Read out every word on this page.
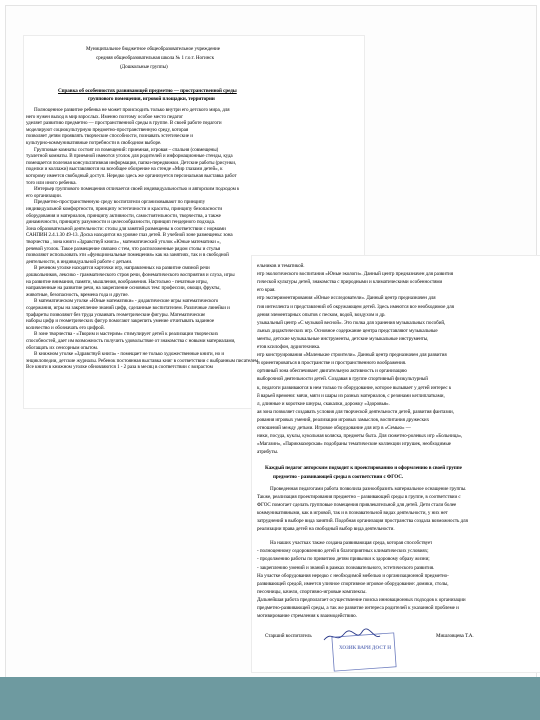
Муниципальное бюджетное общеобразовательное учреждение
средняя общеобразовательная школа № 1 г.о.т. Ногинск
(Дошкольные группы)
Справка об особенностях развивающей предметно — пространственной среды
группового помещения, игровой площадки, территории
Полноценное развитие ребенка не может происходить только внутри его детского мира, для
него нужен выход в мир взрослых. Именно поэтому особое место педагог
уделяет развитию предметно — пространственной среды в группе. В своей работе педагоги
моделируют социокультурную предметно-пространственную среду, которая
позволяет детям проявлять творческие способности, познавать эстетические и
культурно-коммуникативные потребности в свободном выборе.
Групповые комнаты состоят из помещений: приемная, игровая – спальня (совмещены)
туалетной комнаты. В приемной имеются уголок для родителей и информационные стенды, куда
помещается полезная консультативная информация, папки-передвижки. Детские работы (рисунки,
поделки и коллажи) выставляются на всеобщее обозрение на стенде «Мир глазами детей», к
которому имеется свободный доступ. Нередко здесь же организуется персональная выставка работ
того или иного ребенка.
Интерьер группового помещения отличается своей индивидуальностью и авторским подходом к
его организации.
Предметно-пространственную среду воспитатели организовывают по принципу
индивидуальной комфортности, принципу эстетичности и красоты, принципу безопасности
оборудования и материалов, принципу активности, самостоятельности, творчества, а также
динамичности, принципу разумности и целесообразности, принцип гендерного подхода.
Зона образовательной деятельности: столы для занятий размещены в соответствии с нормами
САНПИН 2.4.1.30 49-13. Доска находится на уровне глаз детей. В учебной зоне размещены: зона
творчества , зона книги «Здравствуй книга» , математический уголок «Юные математики »,
речевой уголок. Такое размещение связано с тем, что расположенные рядом столы и стулья
позволяют использовать эти «функциональные помещения» как на занятиях, так и в свободной
деятельности, в индивидуальной работе с детьми.
В речевом уголке находятся карточки игр, направленных на развитие связной речи
дошкольников, лексико - грамматического строя речи, фонематического восприятия и слуха, игры
на развитие внимания, памяти, мышления, воображения. Настольно - печатные игры,
направленные на развитие речи, на закрепление основных тем: профессии, овощи, фрукты,
животные, безопасность, времена года и другие.
В математическом уголке «Юные математики» - дидактические игры математического
содержания, игры на закрепление знаний цифр, сделанные воспитателем. Различные линейки и
трафареты позволяют без труда усваивать геометрические фигуры. Математические
наборы цифр и геометрических фигур помогают закрепить умение отчитывать заданное
количество и обозначать его цифрой.
В зоне творчества - «Творим и мастерим» стимулирует детей к реализации творческих
способностей, дает им возможность получить удовольствие от знакомства с новыми материалами,
обогащать их сенсорным опытом.
В книжном уголке «Здравствуй книга» - помещает не только художественные книги, но и
энциклопедии, детские журналы. Ребенок постоянная выставка книг в соответствии с выбранным писателем.
Все книги в книжном уголке обновляются 1 - 2 раза в месяц в соответствии с возрастом
ельников и тематикой.
нтр экологического воспитания «Юные экологи». Данный центр предназначен для развития
гической культуры детей, знакомства с природными и климатическими особенностями
его края.
нтр экспериментирования «Юные исследователи». Данный центр предназначен для
гия интеллекта и представлений об окружающем детей. Здесь имеются все необходимое для
дения элементарных опытов с песком, водой, воздухом и др.
узыкальный центр «С музыкой весной». Это полка для хранения музыкальных пособий,
льных дидактических игр. Основное содержание центра представляют музыкальные
менты, детские музыкальные инструменты, детские музыкальные инструменты,
етов ксилофон, аудиотехника.
нтр конструирования «Маленькие строители». Данный центр предназначен для развития
и ориентироваться в пространстве и пространственного воображения.
ортивный зона обеспечивает двигательную активность и организацию
выборочной деятельности детей. Создавая в группе спортивный физкультурный
к, педагоги развиваются в нем только то оборудование, которое вызывает у детей интерес к
й варьей времени: мячи, мяги и шары из разных материалов, с резинами кеглиплатками,
л, длинные и короткие шнуры, скакалки, дорожку «Здоровья».
ая зона позволяет создавать условия для творческой деятельности детей, развития фантазии,
рования игровых умений, реализации игровых замыслов, воспитания дружеских
отношений между детьми. Игровое оборудование для игр в «Семью» —
ники, посуда, куклы, кукольная коляска, предметы быта. Для сюжетно-ролевых игр «Больница»,
«Магазин», «Парикмахерская» подобраны тематические коллекции игрушек, необходимые
атрибуты.
Каждый педагог авторским подходит к проектированию и оформлению в своей группе
предметно - развивающей среды в соответствии с ФГОС.
Проведенная педагогами работа позволила разнообразить материальное оснащение группы.
Также, реализация проектирования предметно – развивающей среды в группе, в соответствии с
ФГОС помогает сделать групповые помещения привлекательной для детей. Дети стали более
коммуникативными, как в игровой, так и в познавательной видах деятельности, у них нет
затруднений в выборе вида занятий. Подобная организация пространства создала возможность для
реализации права детей на свободный выбор вида деятельности.
На наших участках также создана развивающая среда, которая способствует
- полноценному оздоровлению детей в благоприятных климатических условиях;
- продолжению работы по привитию детям привычки к здоровому образу жизни;
- закреплению умений и знаний в рамках познавательного, эстетического развития.
На участке оборудования нередко с необходимой мебелью и организационной предметно-
развивающей средой, имеется уличное спортивное игровое оборудование: домики, столы,
песочницы, качели, спортивно-игровые комплексы.
Дальнейшая работа предполагает осуществление поиска инновационных подходов к организации
предметно-развивающей среды, а так же развитие интереса родителей к указанной проблеме и
мотивирование стремления к взаимодействию.
Старший воспитатель	Мишловцева Т.А.
ХОЗИК ВАРИ ДОСТ Н
